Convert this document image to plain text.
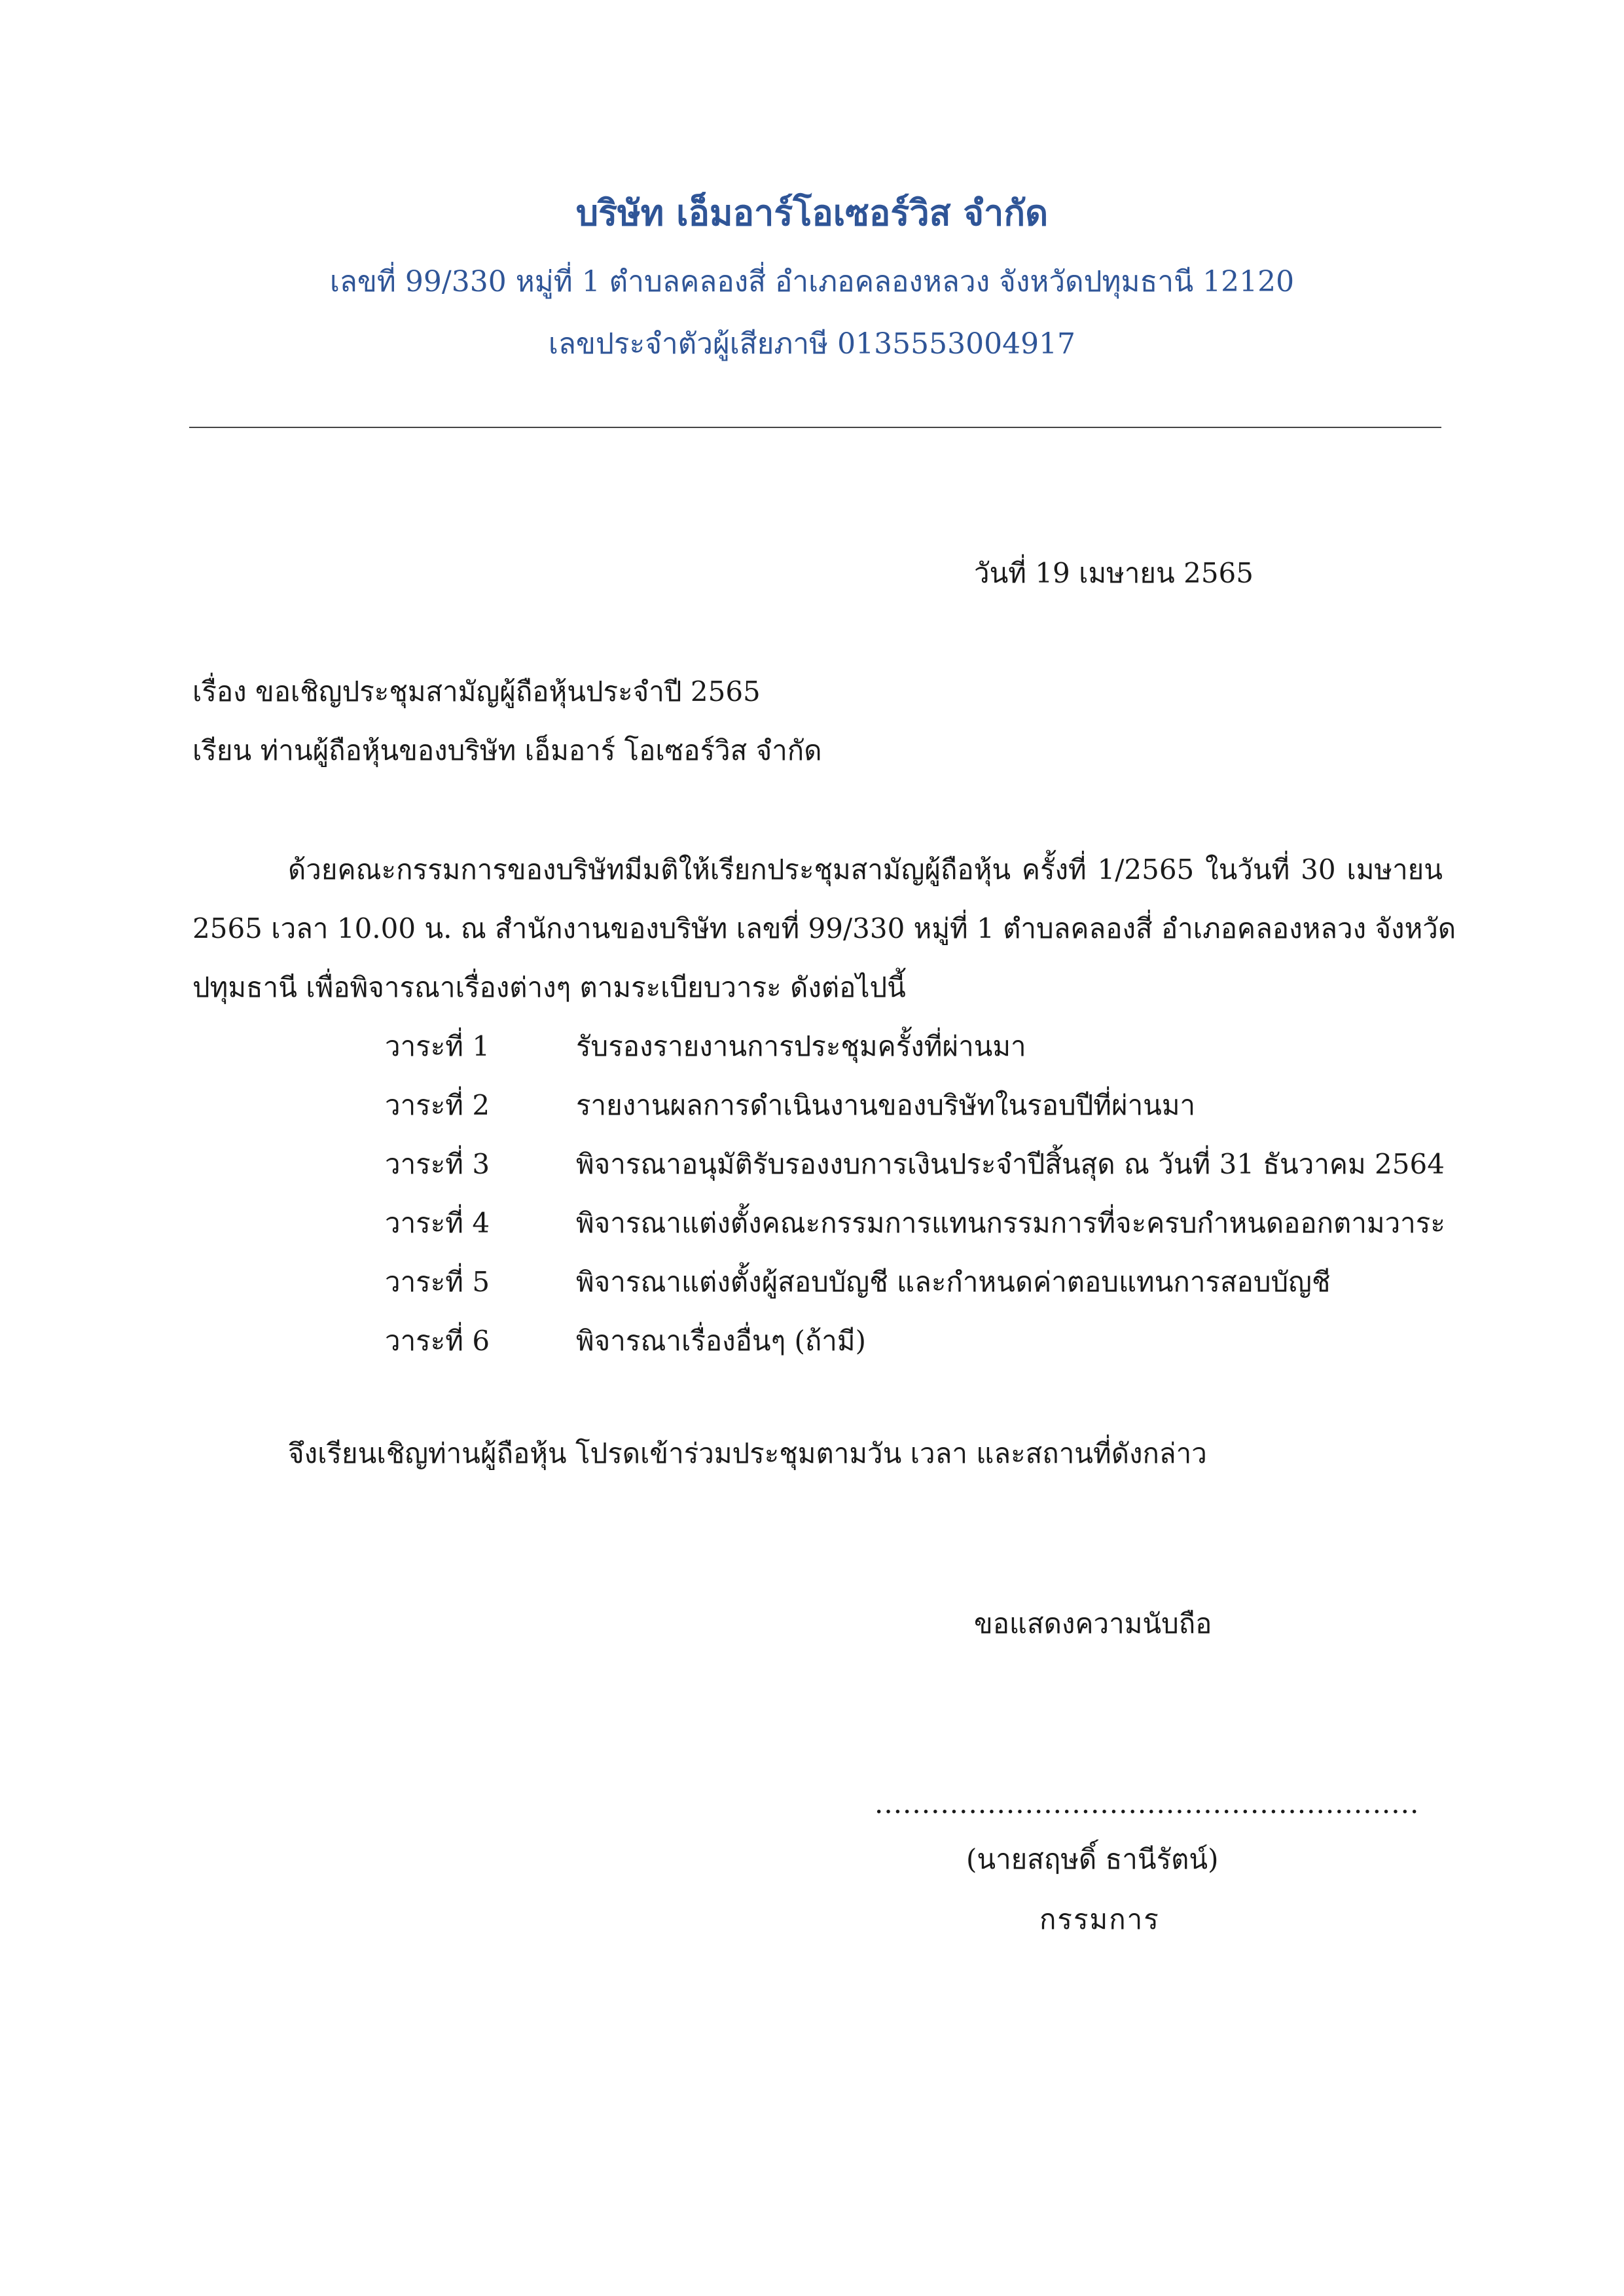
บริษัท เอ็มอาร์โอเซอร์วิส จำกัด
เลขที่ 99/330 หมู่ที่ 1 ตำบลคลองสี่ อำเภอคลองหลวง จังหวัดปทุมธานี 12120
เลขประจำตัวผู้เสียภาษี 0135553004917
วันที่ 19 เมษายน 2565
เรื่อง ขอเชิญประชุมสามัญผู้ถือหุ้นประจำปี 2565
เรียน ท่านผู้ถือหุ้นของบริษัท เอ็มอาร์ โอเซอร์วิส จำกัด
ด้วยคณะกรรมการของบริษัทมีมติให้เรียกประชุมสามัญผู้ถือหุ้น ครั้งที่ 1/2565 ในวันที่ 30 เมษายน
2565 เวลา 10.00 น. ณ สำนักงานของบริษัท เลขที่ 99/330 หมู่ที่ 1 ตำบลคลองสี่ อำเภอคลองหลวง จังหวัด
ปทุมธานี เพื่อพิจารณาเรื่องต่างๆ ตามระเบียบวาระ ดังต่อไปนี้
วาระที่ 1	รับรองรายงานการประชุมครั้งที่ผ่านมา
วาระที่ 2	รายงานผลการดำเนินงานของบริษัทในรอบปีที่ผ่านมา
วาระที่ 3	พิจารณาอนุมัติรับรองงบการเงินประจำปีสิ้นสุด ณ วันที่ 31 ธันวาคม 2564
วาระที่ 4	พิจารณาแต่งตั้งคณะกรรมการแทนกรรมการที่จะครบกำหนดออกตามวาระ
วาระที่ 5	พิจารณาแต่งตั้งผู้สอบบัญชี และกำหนดค่าตอบแทนการสอบบัญชี
วาระที่ 6	พิจารณาเรื่องอื่นๆ (ถ้ามี)
จึงเรียนเชิญท่านผู้ถือหุ้น โปรดเข้าร่วมประชุมตามวัน เวลา และสถานที่ดังกล่าว
ขอแสดงความนับถือ
..........................................................
(นายสฤษดิ์ ธานีรัตน์)
กรรมการ
